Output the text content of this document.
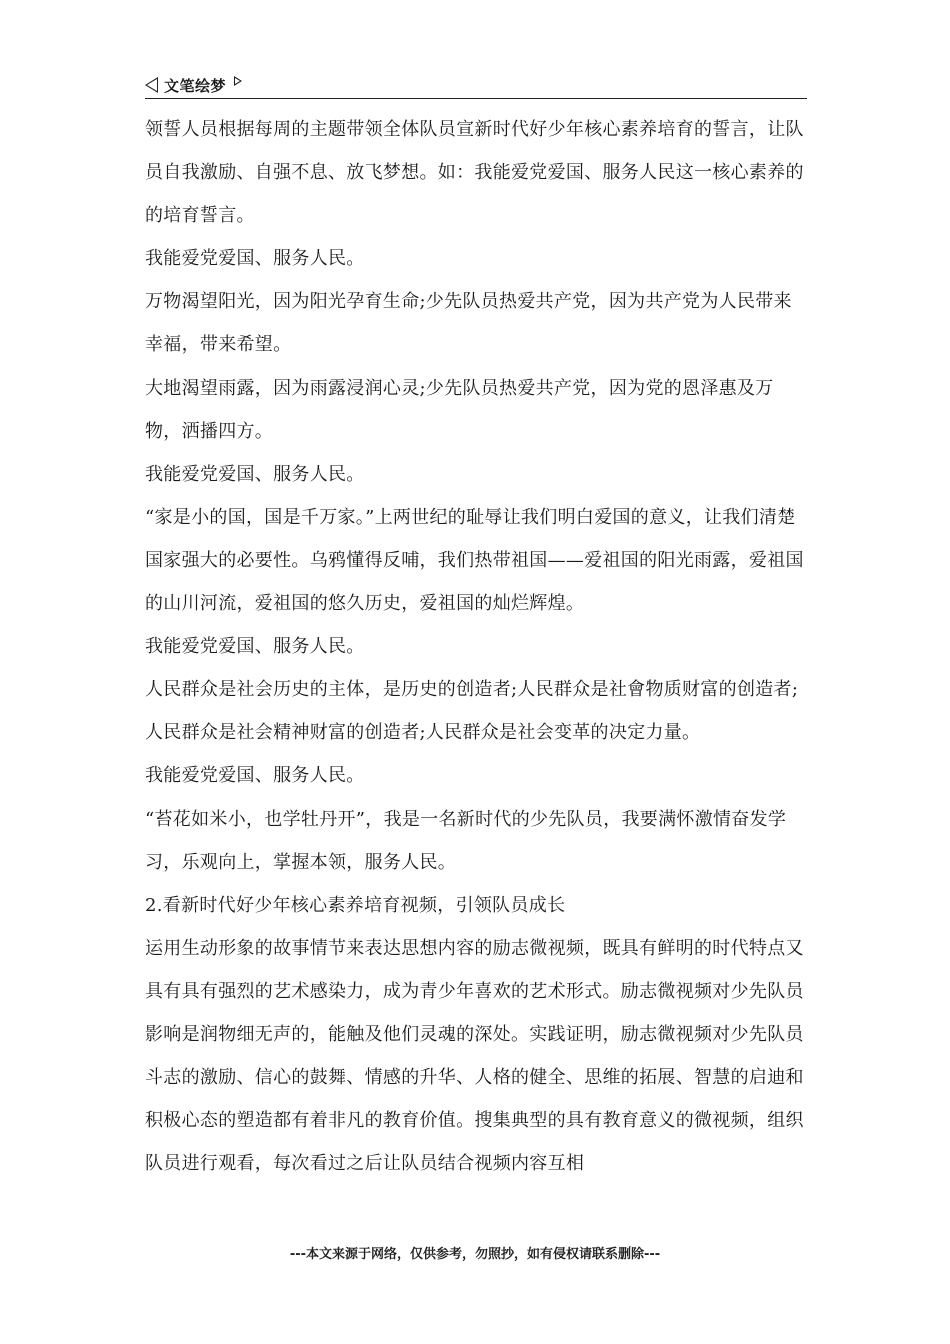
文笔绘梦

领誓人员根据每周的主题带领全体队员宣新时代好少年核心素养培育的誓言，让队员自我激励、自强不息、放飞梦想。如：我能爱党爱国、服务人民这一核心素养的的培育誓言。

我能爱党爱国、服务人民。

万物渴望阳光，因为阳光孕育生命;少先队员热爱共产党，因为共产党为人民带来幸福，带来希望。

大地渴望雨露，因为雨露浸润心灵;少先队员热爱共产党，因为党的恩泽惠及万物，洒播四方。

我能爱党爱国、服务人民。

“家是小的国，国是千万家。”上两世纪的耻辱让我们明白爱国的意义，让我们清楚国家强大的必要性。乌鸦懂得反哺，我们热带祖国——爱祖国的阳光雨露，爱祖国的山川河流，爱祖国的悠久历史，爱祖国的灿烂辉煌。

我能爱党爱国、服务人民。

人民群众是社会历史的主体，是历史的创造者;人民群众是社會物质财富的创造者;人民群众是社会精神财富的创造者;人民群众是社会变革的决定力量。

我能爱党爱国、服务人民。

“苔花如米小，也学牡丹开”，我是一名新时代的少先队员，我要满怀激情奋发学习，乐观向上，掌握本领，服务人民。

2.看新时代好少年核心素养培育视频，引领队员成长

运用生动形象的故事情节来表达思想内容的励志微视频，既具有鲜明的时代特点又具有具有强烈的艺术感染力，成为青少年喜欢的艺术形式。励志微视频对少先队员影响是润物细无声的，能触及他们灵魂的深处。实践证明，励志微视频对少先队员斗志的激励、信心的鼓舞、情感的升华、人格的健全、思维的拓展、智慧的启迪和积极心态的塑造都有着非凡的教育价值。搜集典型的具有教育意义的微视频，组织队员进行观看，每次看过之后让队员结合视频内容互相

---本文来源于网络，仅供参考，勿照抄，如有侵权请联系删除---
